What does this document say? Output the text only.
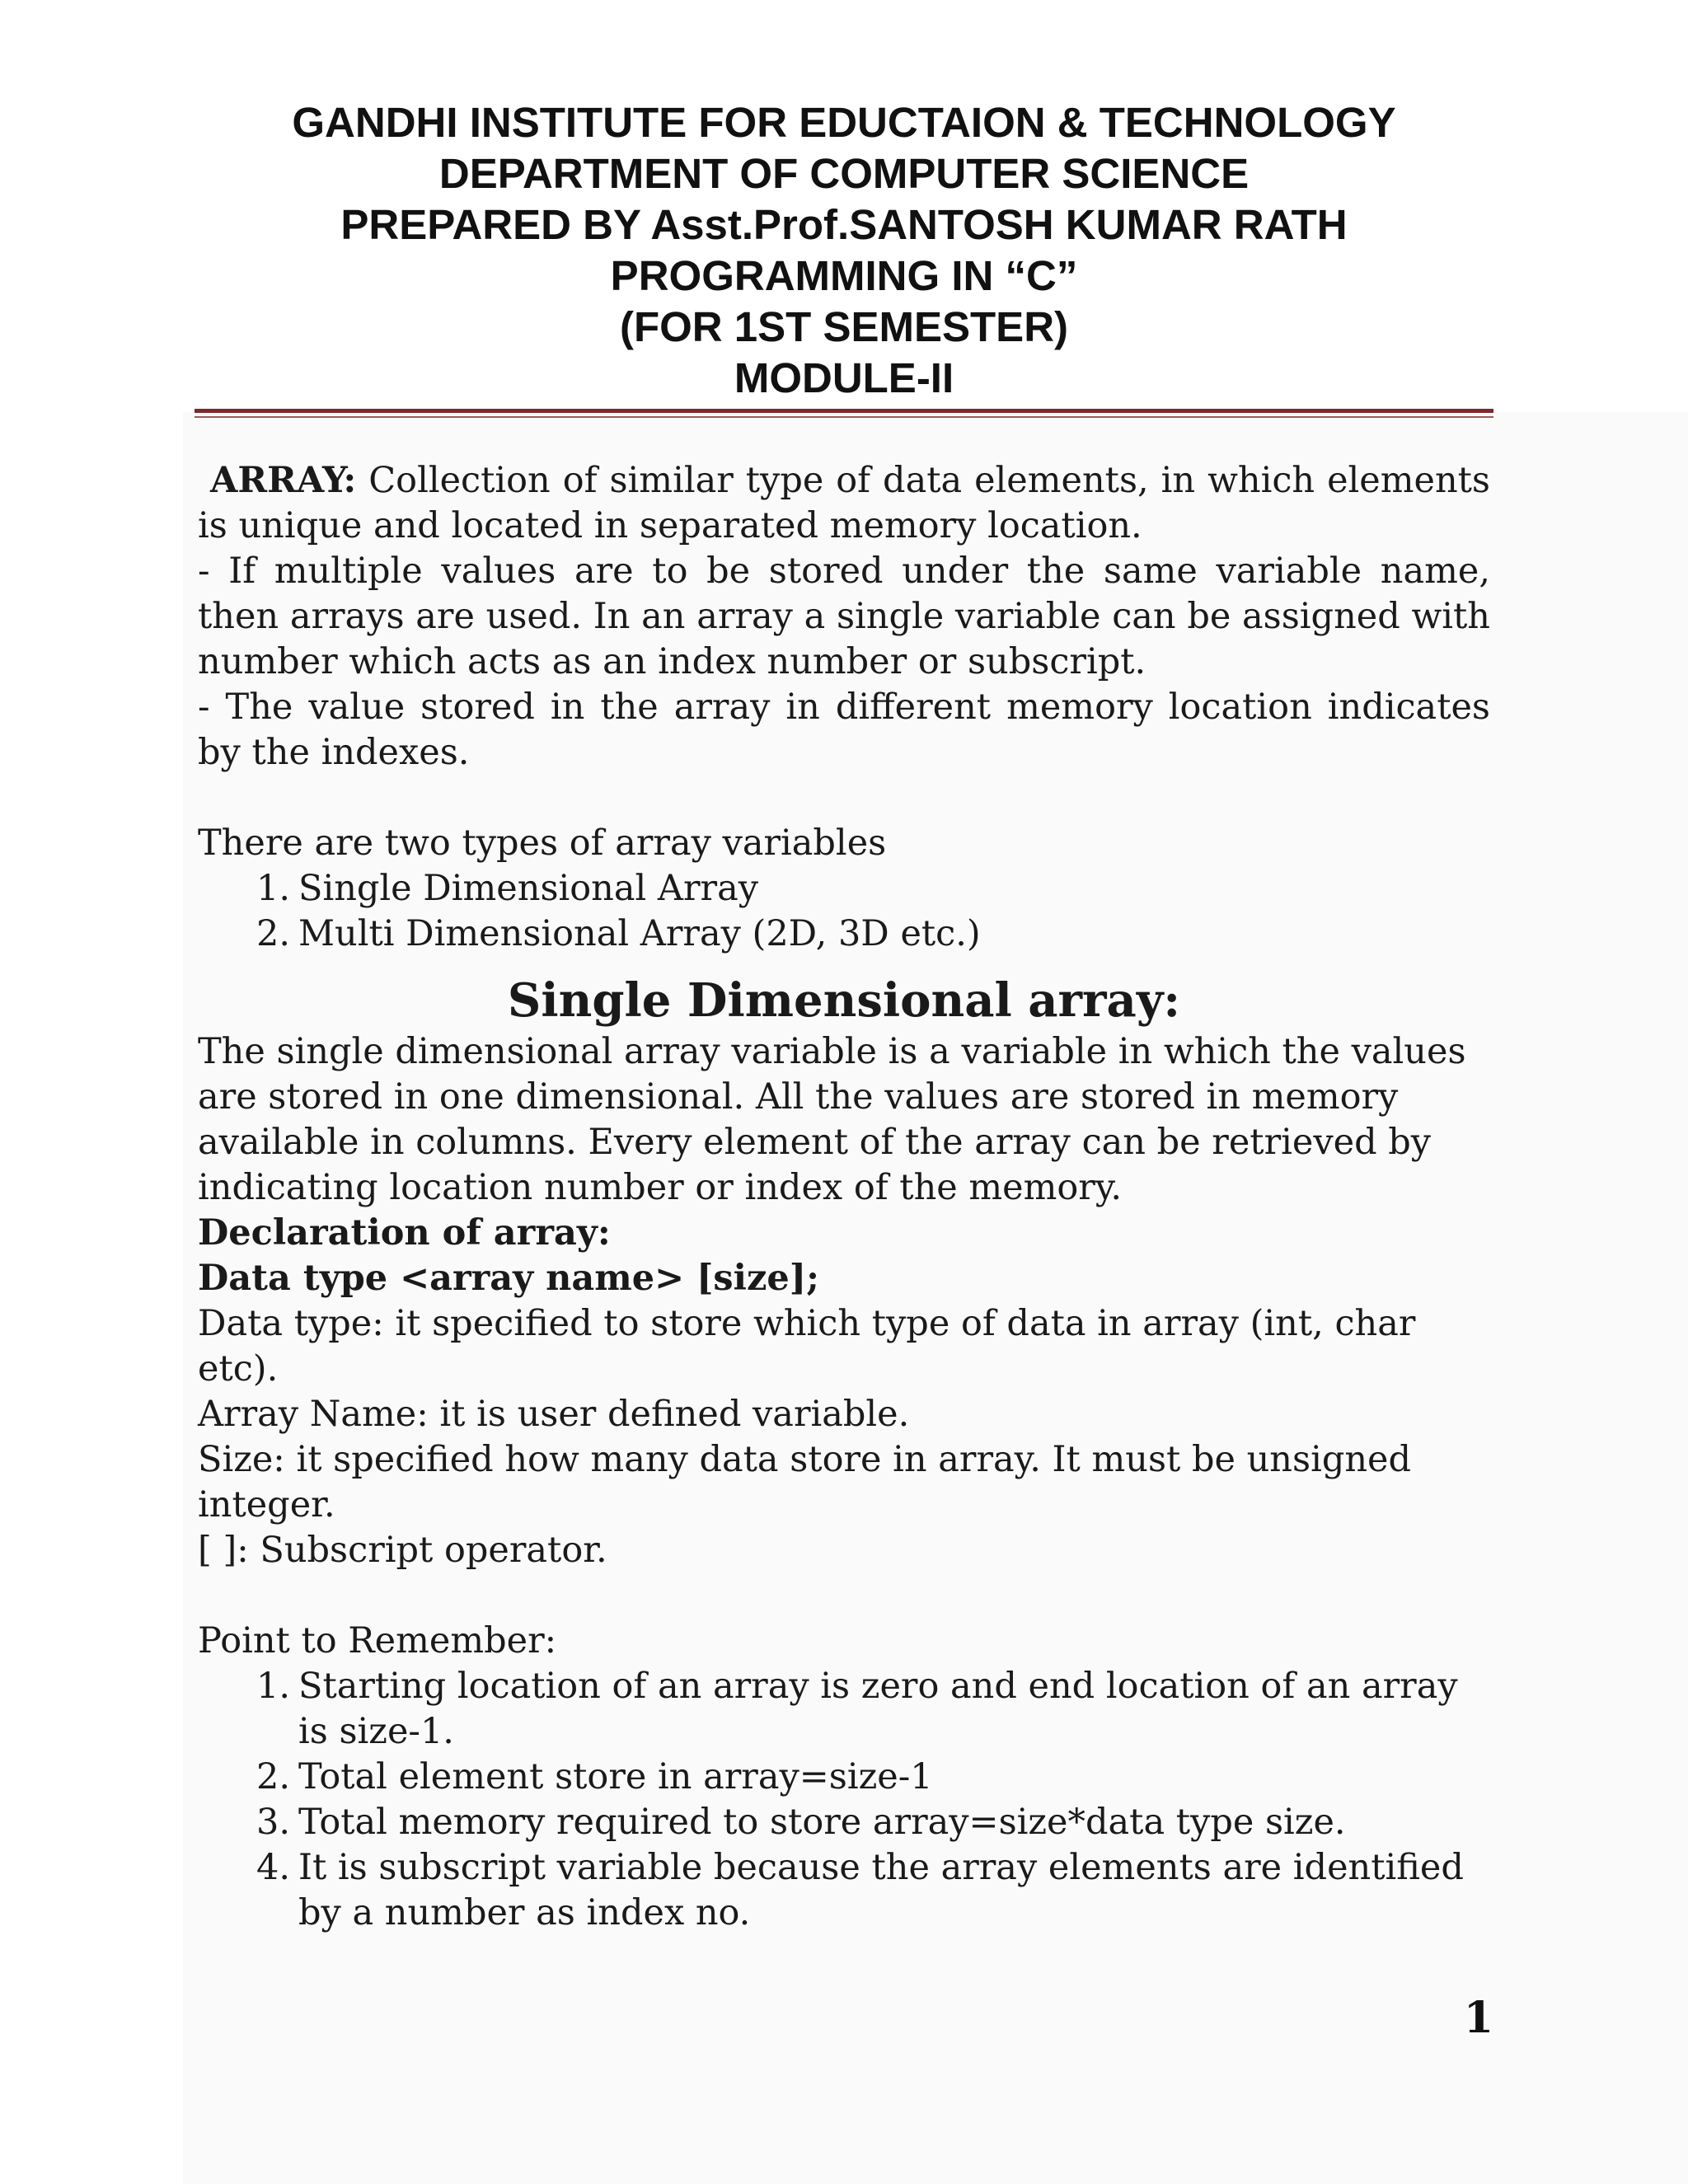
GANDHI INSTITUTE FOR EDUCTAION & TECHNOLOGY
DEPARTMENT OF COMPUTER SCIENCE
PREPARED BY Asst.Prof.SANTOSH KUMAR RATH
PROGRAMMING IN “C”
(FOR 1ST SEMESTER)
MODULE-II

ARRAY: Collection of similar type of data elements, in which elements is unique and located in separated memory location.

- If multiple values are to be stored under the same variable name, then arrays are used. In an array a single variable can be assigned with number which acts as an index number or subscript.

- The value stored in the array in different memory location indicates by the indexes.

There are two types of array variables

1. Single Dimensional Array
2. Multi Dimensional Array (2D, 3D etc.)

Single Dimensional array:

The single dimensional array variable is a variable in which the values are stored in one dimensional. All the values are stored in memory available in columns. Every element of the array can be retrieved by indicating location number or index of the memory.

Declaration of array:

Data type <array name> [size];

Data type: it specified to store which type of data in array (int, char etc).

Array Name: it is user defined variable.

Size: it specified how many data store in array. It must be unsigned integer.

[ ]: Subscript operator.

Point to Remember:

1. Starting location of an array is zero and end location of an array is size-1.
2. Total element store in array=size-1
3. Total memory required to store array=size*data type size.
4. It is subscript variable because the array elements are identified by a number as index no.
1
